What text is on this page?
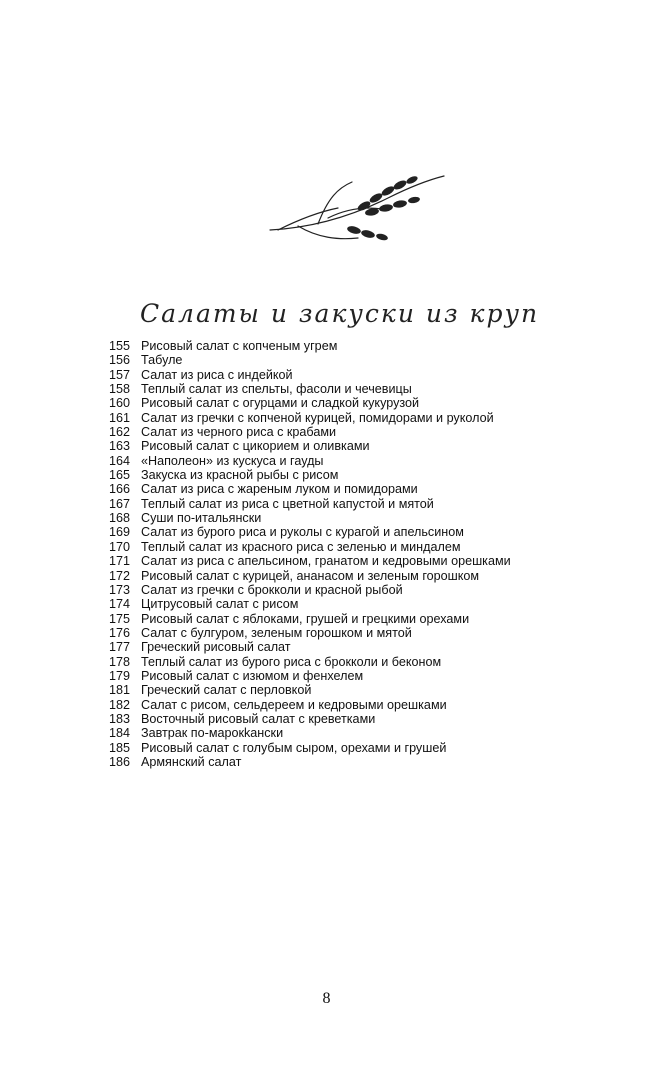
Салаты и закуски из круп
155 Рисовый салат с копченым угрем
156 Табуле
157 Салат из риса с индейкой
158 Теплый салат из спельты, фасоли и чечевицы
160 Рисовый салат с огурцами и сладкой кукурузой
161 Салат из гречки с копченой курицей, помидорами и руколой
162 Салат из черного риса с крабами
163 Рисовый салат с цикорием и оливками
164 «Наполеон» из кускуса и гауды
165 Закуска из красной рыбы с рисом
166 Салат из риса с жареным луком и помидорами
167 Теплый салат из риса с цветной капустой и мятой
168 Суши по-итальянски
169 Салат из бурого риса и руколы с курагой и апельсином
170 Теплый салат из красного риса с зеленью и миндалем
171 Салат из риса с апельсином, гранатом и кедровыми орешками
172 Рисовый салат с курицей, ананасом и зеленым горошком
173 Салат из гречки с брокколи и красной рыбой
174 Цитрусовый салат с рисом
175 Рисовый салат с яблоками, грушей и грецкими орехами
176 Салат с булгуром, зеленым горошком и мятой
177 Греческий рисовый салат
178 Теплый салат из бурого риса с брокколи и беконом
179 Рисовый салат с изюмом и фенхелем
181 Греческий салат с перловкой
182 Салат с рисом, сельдереем и кедровыми орешками
183 Восточный рисовый салат с креветками
184 Завтрак по-марокkански
185 Рисовый салат с голубым сыром, орехами и грушей
186 Армянский салат
8
